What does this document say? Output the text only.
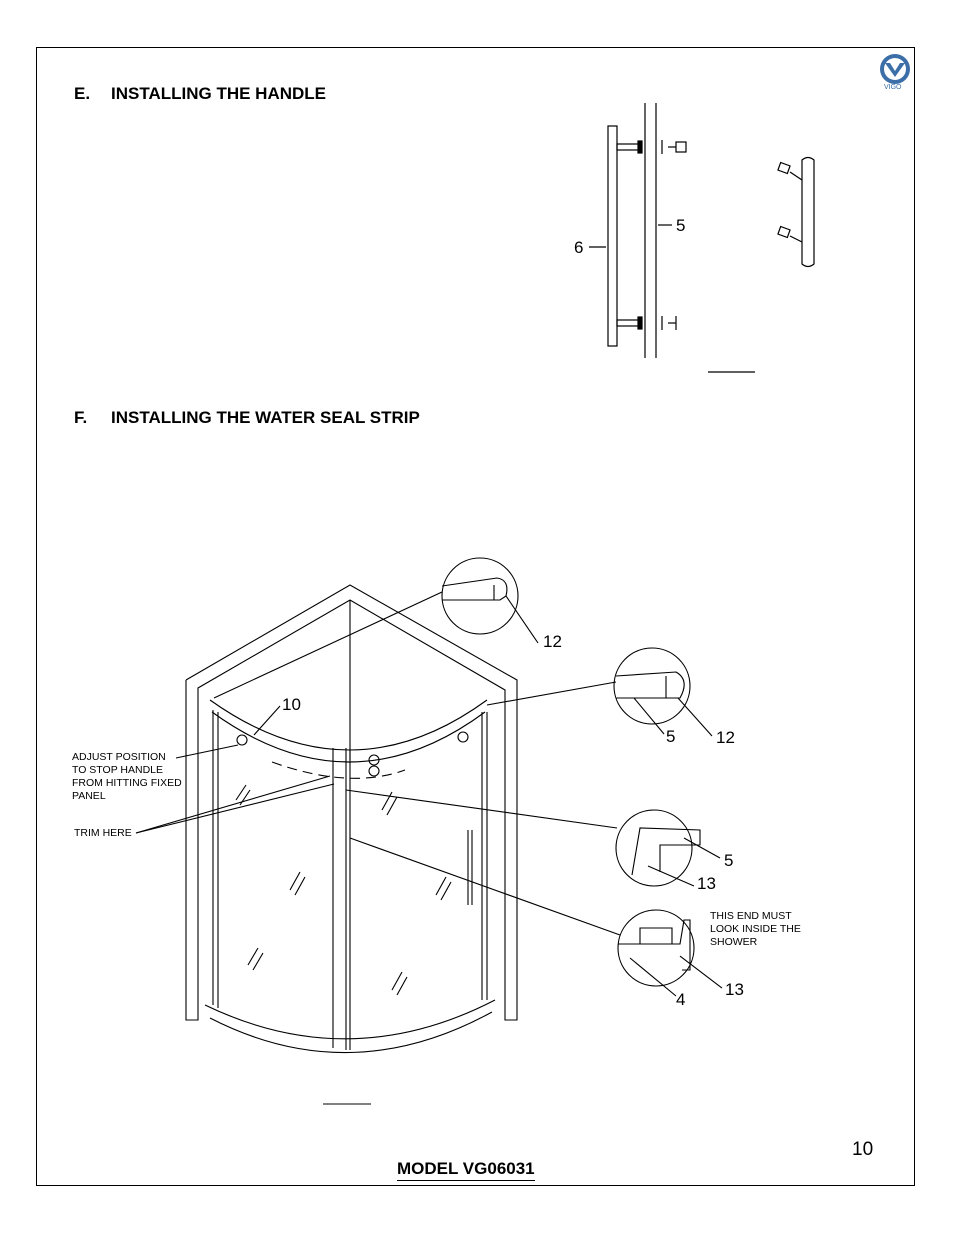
VIGO
E. INSTALLING THE HANDLE
F. INSTALLING THE WATER SEAL STRIP
6
5
12
5 12
10
5
13
4
13
ADJUST POSITION TO STOP HANDLE FROM HITTING FIXED PANEL
TRIM HERE
THIS END MUST LOOK INSIDE THE SHOWER
10
MODEL VG06031
